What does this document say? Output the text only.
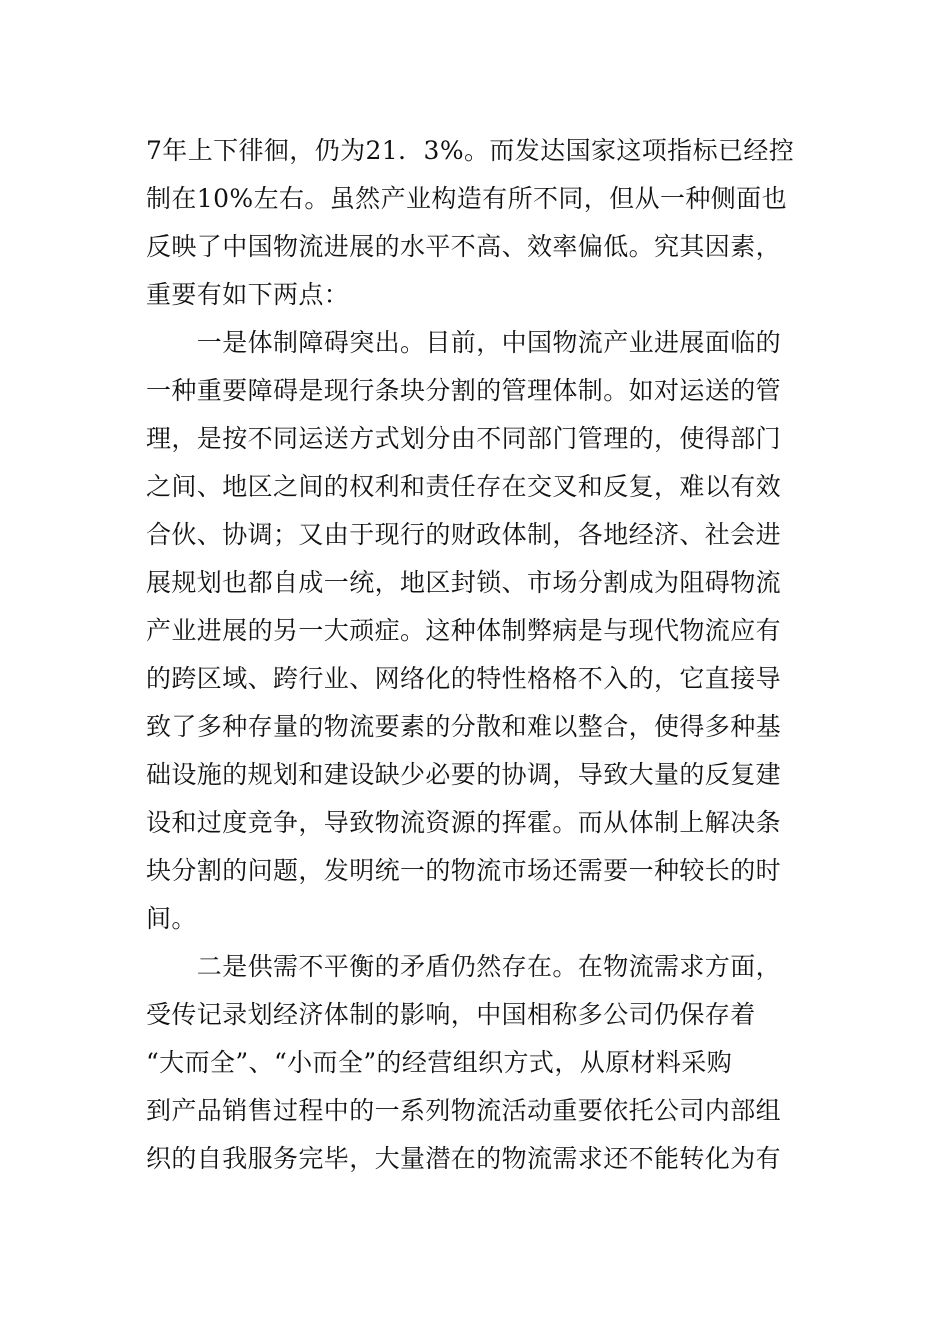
7年上下徘徊，仍为21．3%。而发达国家这项指标已经控
制在10%左右。虽然产业构造有所不同，但从一种侧面也
反映了中国物流进展的水平不高、效率偏低。究其因素，
重要有如下两点：
　　一是体制障碍突出。目前，中国物流产业进展面临的
一种重要障碍是现行条块分割的管理体制。如对运送的管
理，是按不同运送方式划分由不同部门管理的，使得部门
之间、地区之间的权利和责任存在交叉和反复，难以有效
合伙、协调；又由于现行的财政体制，各地经济、社会进
展规划也都自成一统，地区封锁、市场分割成为阻碍物流
产业进展的另一大顽症。这种体制弊病是与现代物流应有
的跨区域、跨行业、网络化的特性格格不入的，它直接导
致了多种存量的物流要素的分散和难以整合，使得多种基
础设施的规划和建设缺少必要的协调，导致大量的反复建
设和过度竞争，导致物流资源的挥霍。而从体制上解决条
块分割的问题，发明统一的物流市场还需要一种较长的时
间。
　　二是供需不平衡的矛盾仍然存在。在物流需求方面，
受传记录划经济体制的影响，中国相称多公司仍保存着
“大而全”、“小而全”的经营组织方式，从原材料采购
到产品销售过程中的一系列物流活动重要依托公司内部组
织的自我服务完毕，大量潜在的物流需求还不能转化为有
